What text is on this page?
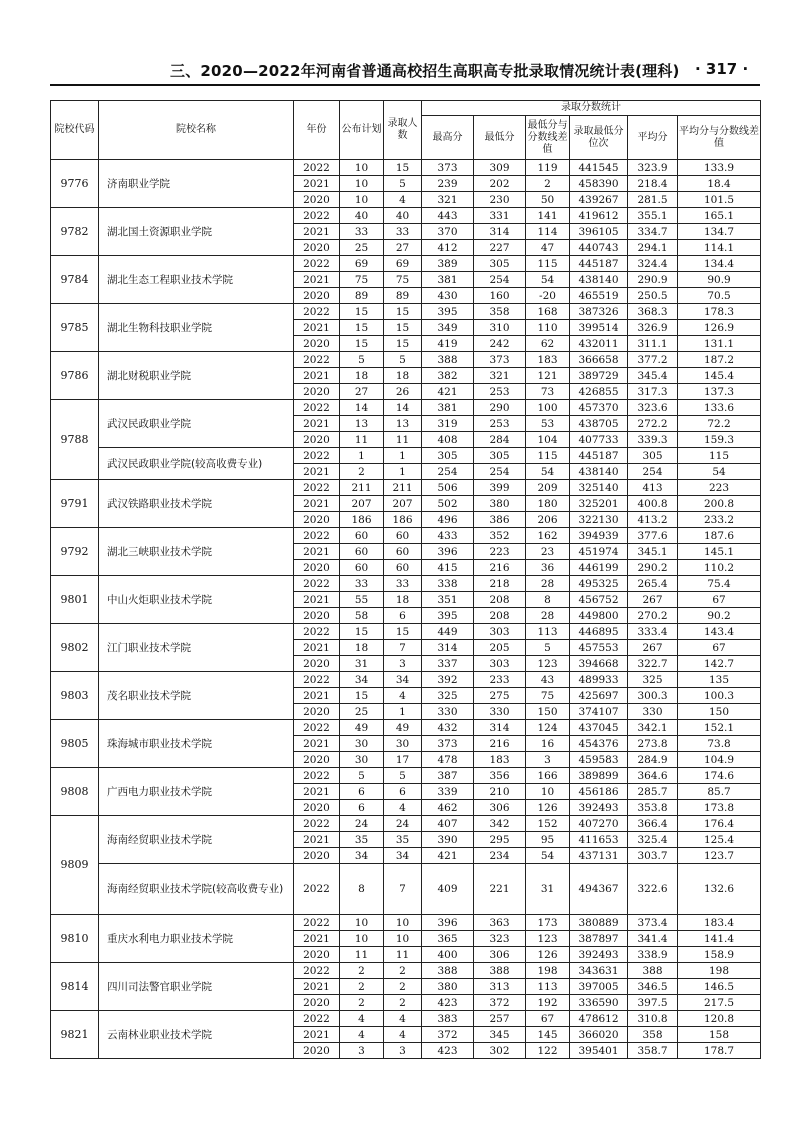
三、2020—2022年河南省普通高校招生高职高专批录取情况统计表(理科) · 317 ·
院校代码	院校名称	年份	公布计划	录取人数	录取分数统计					
					最高分	最低分	最低分与分数线差值	录取最低分位次	平均分	平均分与分数线差值
9776	济南职业学院	2022	10	15	373	309	119	441545	323.9	133.9
		2021	10	5	239	202	2	458390	218.4	18.4
		2020	10	4	321	230	50	439267	281.5	101.5
9782	湖北国土资源职业学院	2022	40	40	443	331	141	419612	355.1	165.1
		2021	33	33	370	314	114	396105	334.7	134.7
		2020	25	27	412	227	47	440743	294.1	114.1
9784	湖北生态工程职业技术学院	2022	69	69	389	305	115	445187	324.4	134.4
		2021	75	75	381	254	54	438140	290.9	90.9
		2020	89	89	430	160	-20	465519	250.5	70.5
9785	湖北生物科技职业学院	2022	15	15	395	358	168	387326	368.3	178.3
		2021	15	15	349	310	110	399514	326.9	126.9
		2020	15	15	419	242	62	432011	311.1	131.1
9786	湖北财税职业学院	2022	5	5	388	373	183	366658	377.2	187.2
		2021	18	18	382	321	121	389729	345.4	145.4
		2020	27	26	421	253	73	426855	317.3	137.3
9788	武汉民政职业学院	2022	14	14	381	290	100	457370	323.6	133.6
		2021	13	13	319	253	53	438705	272.2	72.2
		2020	11	11	408	284	104	407733	339.3	159.3
	武汉民政职业学院(较高收费专业)	2022	1	1	305	305	115	445187	305	115
		2021	2	1	254	254	54	438140	254	54
9791	武汉铁路职业技术学院	2022	211	211	506	399	209	325140	413	223
		2021	207	207	502	380	180	325201	400.8	200.8
		2020	186	186	496	386	206	322130	413.2	233.2
9792	湖北三峡职业技术学院	2022	60	60	433	352	162	394939	377.6	187.6
		2021	60	60	396	223	23	451974	345.1	145.1
		2020	60	60	415	216	36	446199	290.2	110.2
9801	中山火炬职业技术学院	2022	33	33	338	218	28	495325	265.4	75.4
		2021	55	18	351	208	8	456752	267	67
		2020	58	6	395	208	28	449800	270.2	90.2
9802	江门职业技术学院	2022	15	15	449	303	113	446895	333.4	143.4
		2021	18	7	314	205	5	457553	267	67
		2020	31	3	337	303	123	394668	322.7	142.7
9803	茂名职业技术学院	2022	34	34	392	233	43	489933	325	135
		2021	15	4	325	275	75	425697	300.3	100.3
		2020	25	1	330	330	150	374107	330	150
9805	珠海城市职业技术学院	2022	49	49	432	314	124	437045	342.1	152.1
		2021	30	30	373	216	16	454376	273.8	73.8
		2020	30	17	478	183	3	459583	284.9	104.9
9808	广西电力职业技术学院	2022	5	5	387	356	166	389899	364.6	174.6
		2021	6	6	339	210	10	456186	285.7	85.7
		2020	6	4	462	306	126	392493	353.8	173.8
9809	海南经贸职业技术学院	2022	24	24	407	342	152	407270	366.4	176.4
		2021	35	35	390	295	95	411653	325.4	125.4
		2020	34	34	421	234	54	437131	303.7	123.7
	海南经贸职业技术学院(较高收费专业)	2022	8	7	409	221	31	494367	322.6	132.6
9810	重庆水利电力职业技术学院	2022	10	10	396	363	173	380889	373.4	183.4
		2021	10	10	365	323	123	387897	341.4	141.4
		2020	11	11	400	306	126	392493	338.9	158.9
9814	四川司法警官职业学院	2022	2	2	388	388	198	343631	388	198
		2021	2	2	380	313	113	397005	346.5	146.5
		2020	2	2	423	372	192	336590	397.5	217.5
9821	云南林业职业技术学院	2022	4	4	383	257	67	478612	310.8	120.8
		2021	4	4	372	345	145	366020	358	158
		2020	3	3	423	302	122	395401	358.7	178.7
